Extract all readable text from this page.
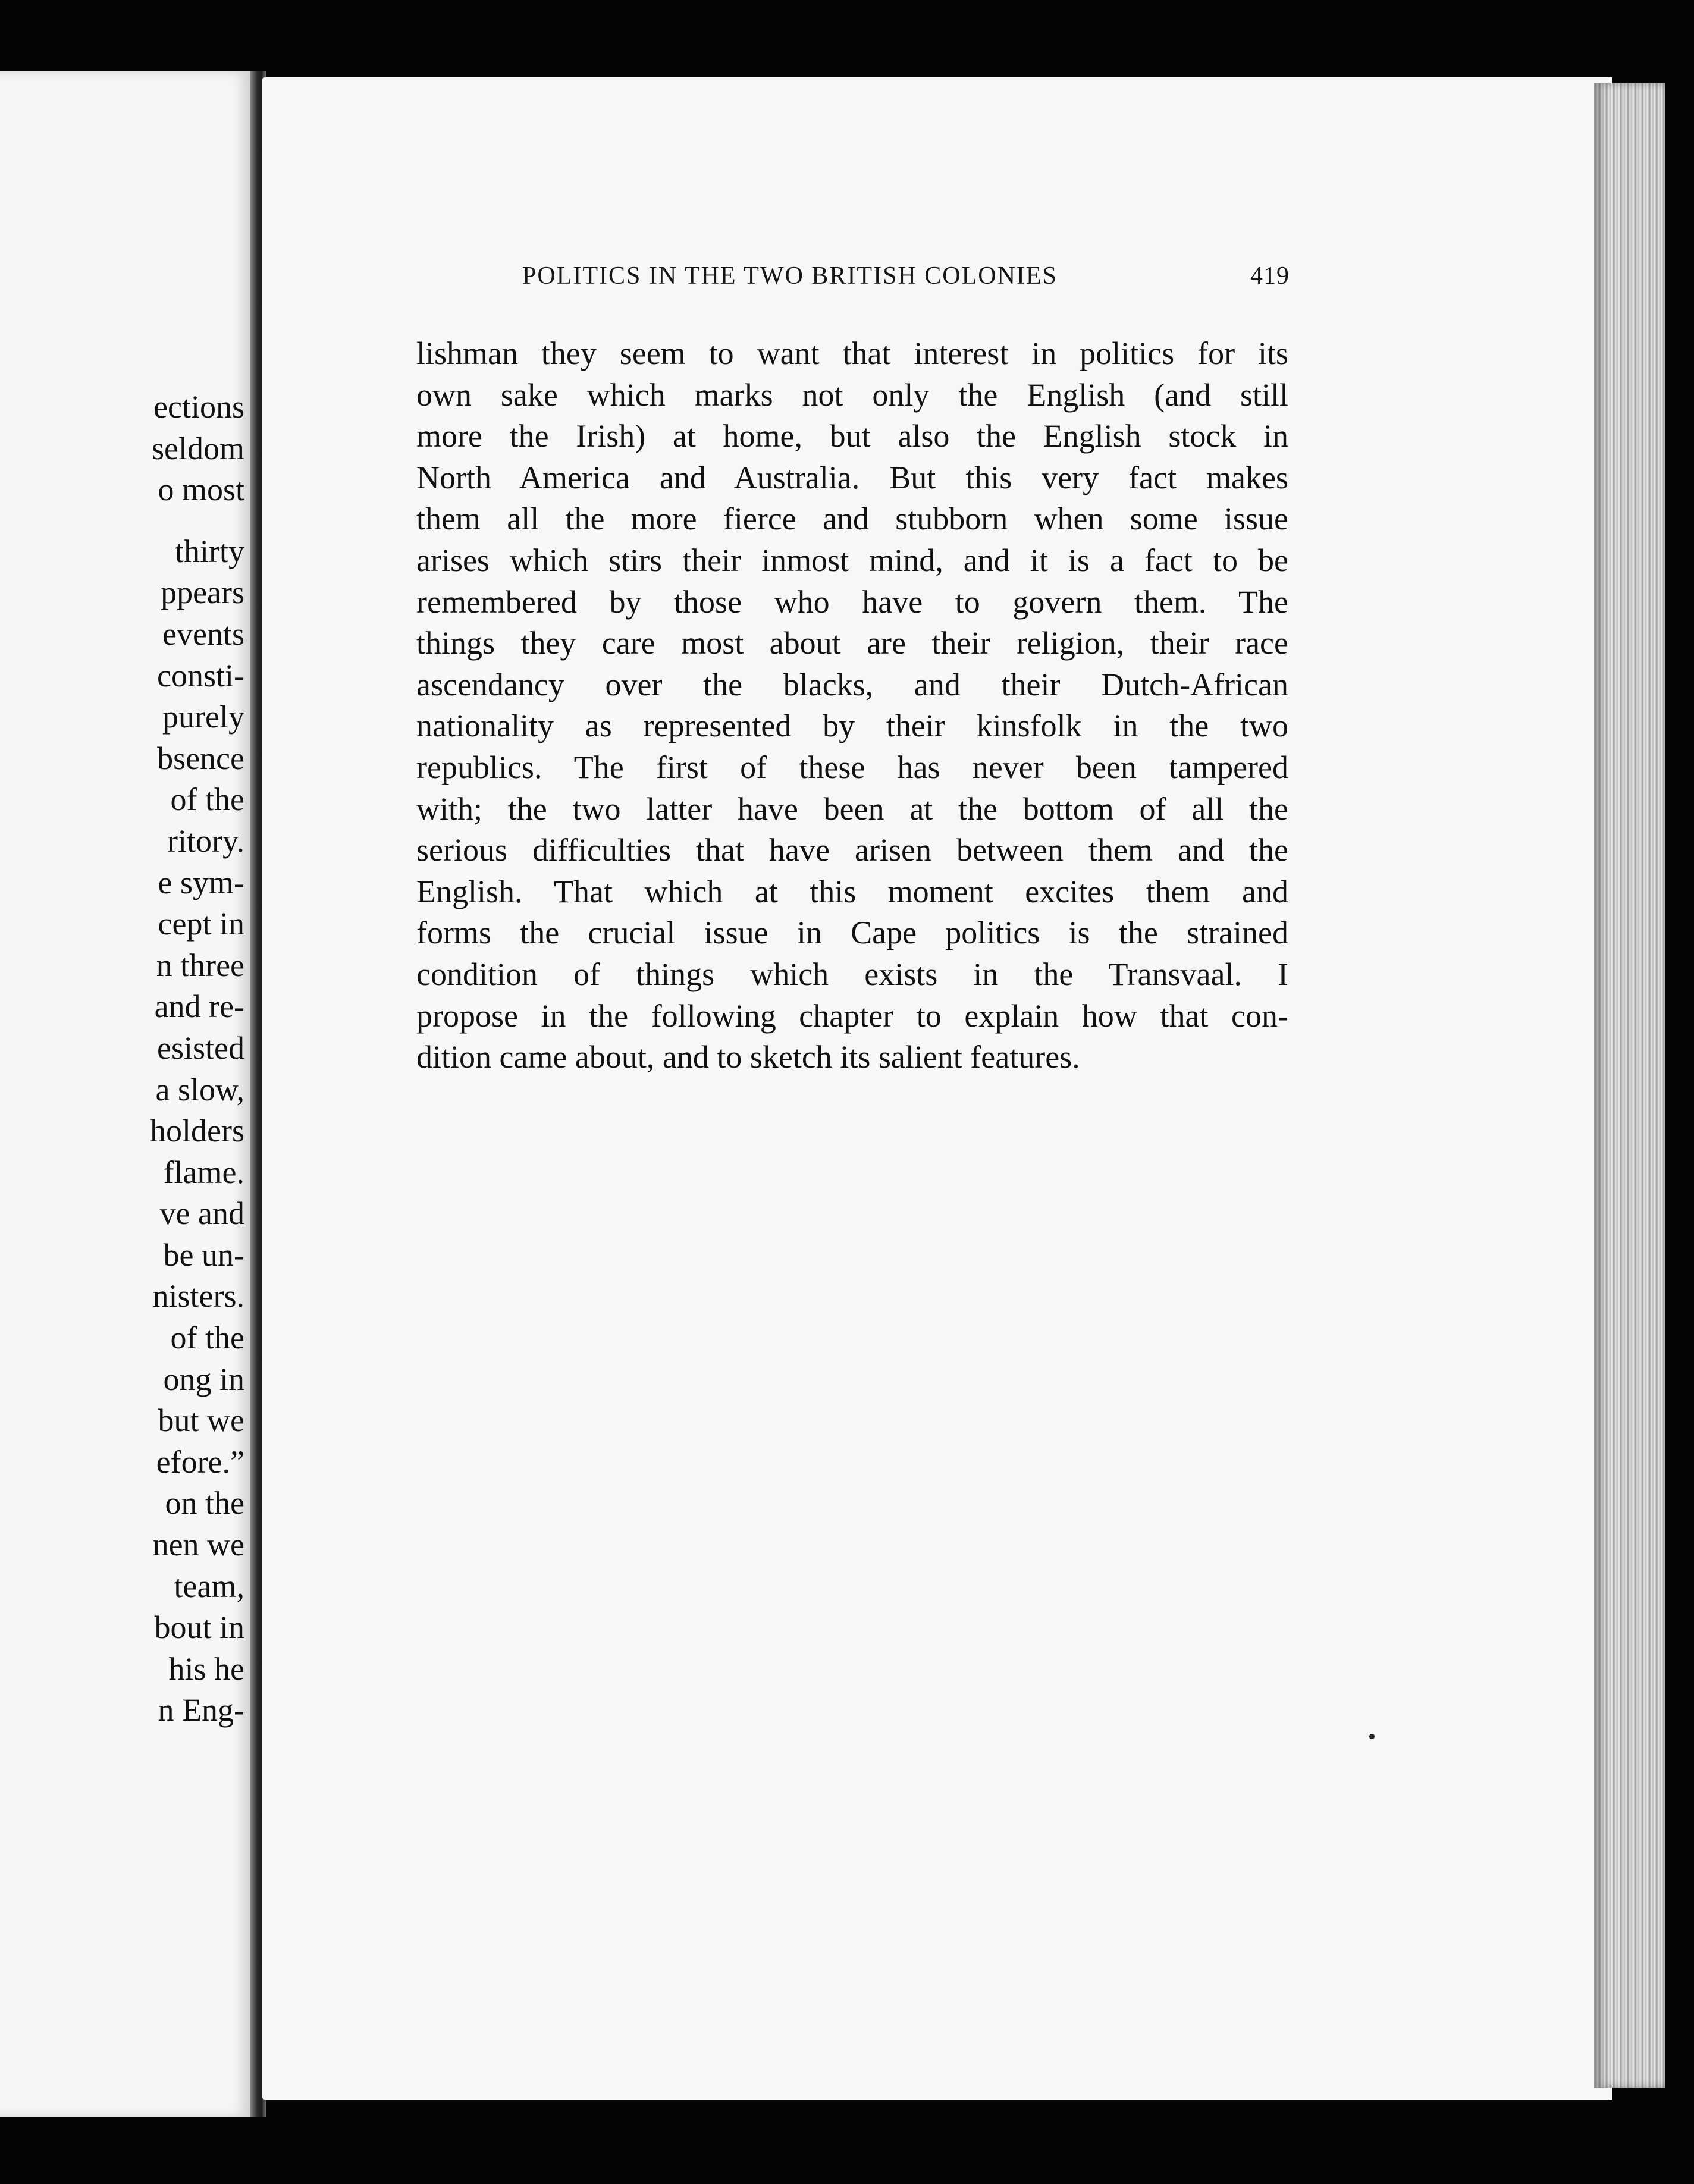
ections
seldom
o most
thirty
ppears
events
consti-
purely
bsence
of the
ritory.
e sym-
cept in
n three
and re-
esisted
a slow,
holders
flame.
ve and
be un-
nisters.
of the
ong in
but we
efore.”
on the
nen we
team,
bout in
his he
n Eng-
POLITICS IN THE TWO BRITISH COLONIES	419
lishman they seem to want that interest in politics for its
own sake which marks not only the English (and still
more the Irish) at home, but also the English stock in
North America and Australia. But this very fact makes
them all the more fierce and stubborn when some issue
arises which stirs their inmost mind, and it is a fact to be
remembered by those who have to govern them. The
things they care most about are their religion, their race
ascendancy over the blacks, and their Dutch-African
nationality as represented by their kinsfolk in the two
republics. The first of these has never been tampered
with; the two latter have been at the bottom of all the
serious difficulties that have arisen between them and the
English. That which at this moment excites them and
forms the crucial issue in Cape politics is the strained
condition of things which exists in the Transvaal. I
propose in the following chapter to explain how that con-
dition came about, and to sketch its salient features.
